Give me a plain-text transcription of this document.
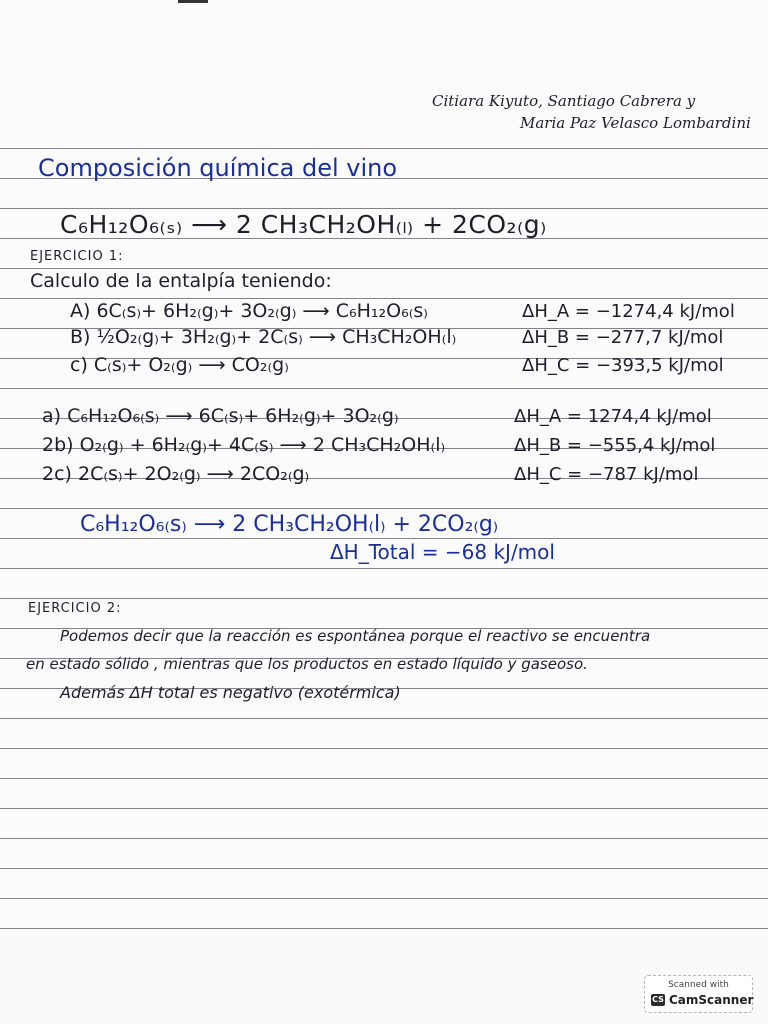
Citiara Kiyuto, Santiago Cabrera y
Maria Paz Velasco Lombardini
Composición química del vino
C₆H₁₂O₆₍ₛ₎ ⟶ 2 CH₃CH₂OH₍ₗ₎ + 2CO₂₍g₎
EJERCICIO 1:
Calculo de la entalpía teniendo:
A) 6C₍s₎+ 6H₂₍g₎+ 3O₂₍g₎ ⟶ C₆H₁₂O₆₍s₎	ΔH_A = −1274,4 kJ/mol
B) ½O₂₍g₎+ 3H₂₍g₎+ 2C₍s₎ ⟶ CH₃CH₂OH₍l₎	ΔH_B = −277,7 kJ/mol
c) C₍s₎+ O₂₍g₎ ⟶ CO₂₍g₎	ΔH_C = −393,5 kJ/mol
a) C₆H₁₂O₆₍s₎ ⟶ 6C₍s₎+ 6H₂₍g₎+ 3O₂₍g₎	ΔH_A = 1274,4 kJ/mol
2b) O₂₍g₎ + 6H₂₍g₎+ 4C₍s₎ ⟶ 2 CH₃CH₂OH₍l₎	ΔH_B = −555,4 kJ/mol
2c) 2C₍s₎+ 2O₂₍g₎ ⟶ 2CO₂₍g₎	ΔH_C = −787 kJ/mol
C₆H₁₂O₆₍s₎ ⟶ 2 CH₃CH₂OH₍l₎ + 2CO₂₍g₎
ΔH_Total = −68 kJ/mol
EJERCICIO 2:
Podemos decir que la reacción es espontánea porque el reactivo se encuentra
en estado sólido , mientras que los productos en estado líquido y gaseoso.
Además ΔH total es negativo (exotérmica)
Scanned with
CS CamScanner
